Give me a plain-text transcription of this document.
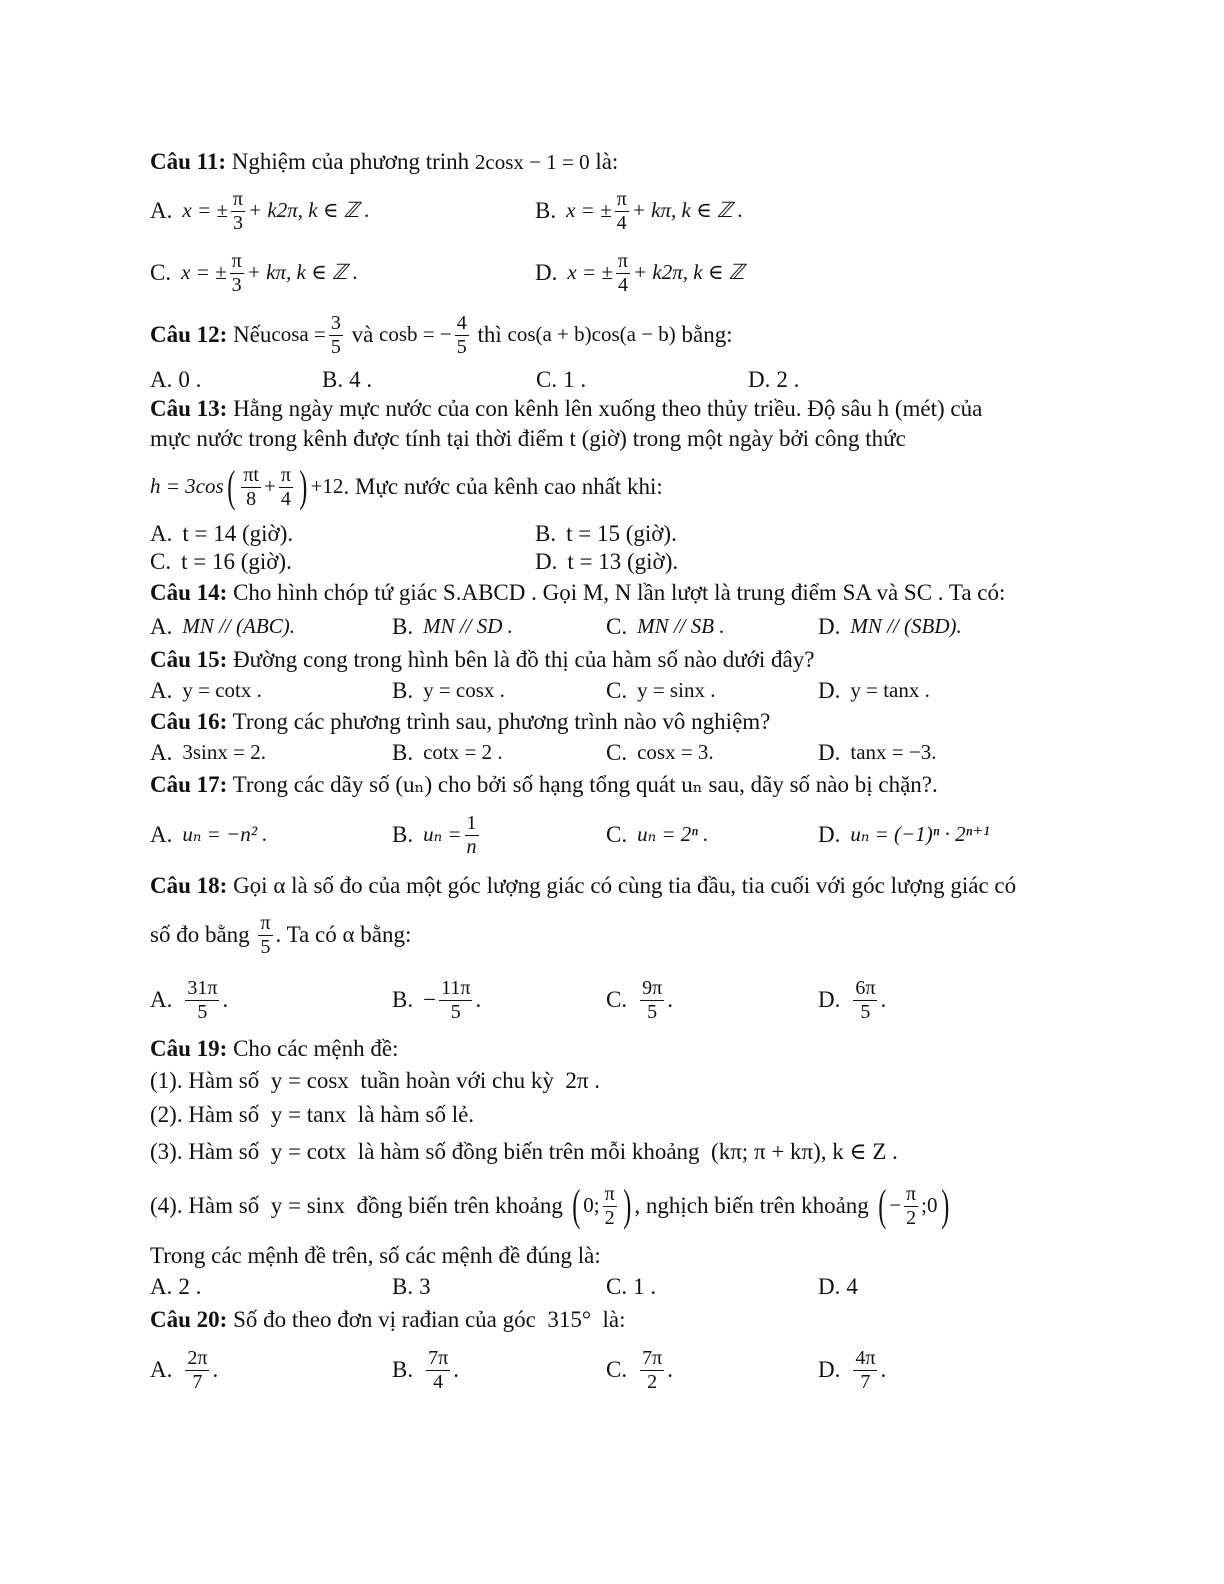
Câu 11: Nghiệm của phương trinh 2cosx − 1 = 0 là:
A. x = ± $\frac{\pi}{3} + k2\pi$, k ∈ ℤ .	B. x = ± $\frac{\pi}{4} + k\pi$, k ∈ ℤ .
C. x = ± $\frac{\pi}{3} + k\pi$, k ∈ ℤ .	D. x = ± $\frac{\pi}{4} + k2\pi$, k ∈ ℤ
Câu 12:
Nếu $\cos a = \frac{3}{5}$ và cosb = − $\frac{4}{5}$ thì cos(a + b)cos(a − b) bằng:
A. 0 .	B. 4 .	C. 1 .	D. 2 .
Câu 13: Hằng ngày mực nước của con kênh lên xuống theo thủy triều. Độ sâu h (mét) của
mực nước trong kênh được tính tại thời điểm t (giờ) trong một ngày bởi công thức
h = 3cos ( $\frac{\pi t}{8} + \frac{\pi}{4}$ ) +12 . Mực nước của kênh cao nhất khi:
A. t = 14 (giờ).	B. t = 15 (giờ).
C. t = 16 (giờ).	D. t = 13 (giờ).
Câu 14: Cho hình chóp tứ giác S.ABCD . Gọi M, N lần lượt là trung điểm SA và SC . Ta có:
A. MN // (ABC).	B. MN // SD .	C. MN // SB .	D. MN // (SBD).
Câu 15: Đường cong trong hình bên là đồ thị của hàm số nào dưới đây?
A. y = cotx .	B. y = cosx .	C. y = sinx .	D. y = tanx .
Câu 16: Trong các phương trình sau, phương trình nào vô nghiệm?
A. 3sinx = 2.	B. cotx = 2 .	C. cosx = 3.	D. tanx = −3.
Câu 17: Trong các dãy số (uₙ) cho bởi số hạng tổng quát uₙ sau, dãy số nào bị chặn?.
A. uₙ = −n² .	B. $u_n = \frac{1}{n}$	C. uₙ = 2ⁿ .	D. uₙ = (−1)ⁿ · 2ⁿ⁺¹
Câu 18: Gọi α là số đo của một góc lượng giác có cùng tia đầu, tia cuối với góc lượng giác có
số đo bằng $\frac{\pi}{5}$ . Ta có α bằng:
A. $\frac{31\pi}{5}$ .	B. − $\frac{11\pi}{5}$ .	C. $\frac{9\pi}{5}$ .	D. $\frac{6\pi}{5}$ .
Câu 19: Cho các mệnh đề:
(1). Hàm số  y = cosx  tuần hoàn với chu kỳ  2π .
(2). Hàm số  y = tanx  là hàm số lẻ.
(3). Hàm số  y = cotx  là hàm số đồng biến trên mỗi khoảng  (kπ; π + kπ), k ∈ Z .
(4). Hàm số  y = sinx  đồng biến trên khoảng ( 0; $\frac{\pi}{2}$ ) , nghịch biến trên khoảng ( − $\frac{\pi}{2}$ ;0 )
Trong các mệnh đề trên, số các mệnh đề đúng là:
A. 2 .	B. 3	C. 1 .	D. 4
Câu 20: Số đo theo đơn vị rađian của góc  315°  là:
A. $\frac{2\pi}{7}$ .	B. $\frac{7\pi}{4}$ .	C. $\frac{7\pi}{2}$ .	D. $\frac{4\pi}{7}$ .
